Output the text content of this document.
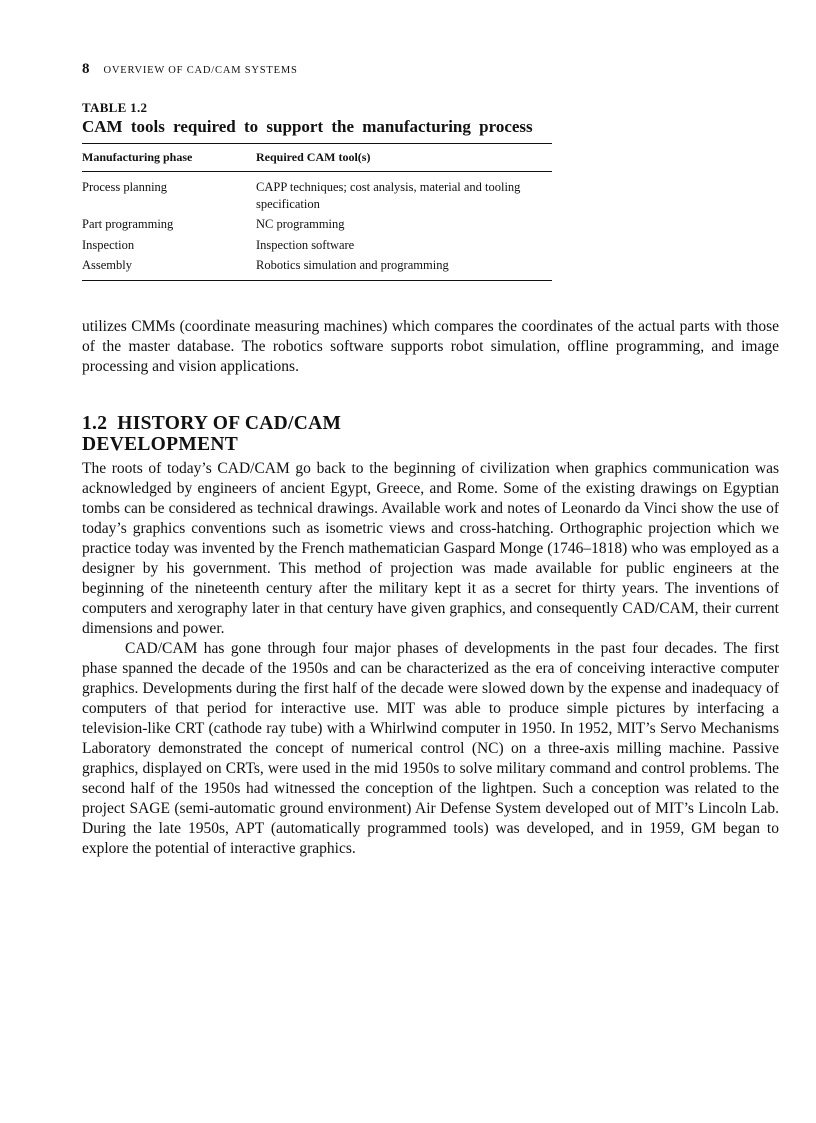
8 OVERVIEW OF CAD/CAM SYSTEMS
TABLE 1.2
CAM tools required to support the manufacturing process
Manufacturing phase	Required CAM tool(s)
Process planning	CAPP techniques; cost analysis, material and tooling specification
Part programming	NC programming
Inspection	Inspection software
Assembly	Robotics simulation and programming

utilizes CMMs (coordinate measuring machines) which compares the coordinates of the actual parts with those of the master database. The robotics software supports robot simulation, offline programming, and image processing and vision applications.

1.2 HISTORY OF CAD/CAM DEVELOPMENT

The roots of today’s CAD/CAM go back to the beginning of civilization when graphics communication was acknowledged by engineers of ancient Egypt, Greece, and Rome. Some of the existing drawings on Egyptian tombs can be considered as technical drawings. Available work and notes of Leonardo da Vinci show the use of today’s graphics conventions such as isometric views and cross-hatching. Orthographic projection which we practice today was invented by the French mathematician Gaspard Monge (1746–1818) who was employed as a designer by his government. This method of projection was made available for public engineers at the beginning of the nineteenth century after the military kept it as a secret for thirty years. The inventions of computers and xerography later in that century have given graphics, and consequently CAD/CAM, their current dimensions and power.

CAD/CAM has gone through four major phases of developments in the past four decades. The first phase spanned the decade of the 1950s and can be characterized as the era of conceiving interactive computer graphics. Developments during the first half of the decade were slowed down by the expense and inadequacy of computers of that period for interactive use. MIT was able to produce simple pictures by interfacing a television-like CRT (cathode ray tube) with a Whirlwind computer in 1950. In 1952, MIT’s Servo Mechanisms Laboratory demonstrated the concept of numerical control (NC) on a three-axis milling machine. Passive graphics, displayed on CRTs, were used in the mid 1950s to solve military command and control problems. The second half of the 1950s had witnessed the conception of the lightpen. Such a conception was related to the project SAGE (semi-automatic ground environment) Air Defense System developed out of MIT’s Lincoln Lab. During the late 1950s, APT (automatically programmed tools) was developed, and in 1959, GM began to explore the potential of interactive graphics.
